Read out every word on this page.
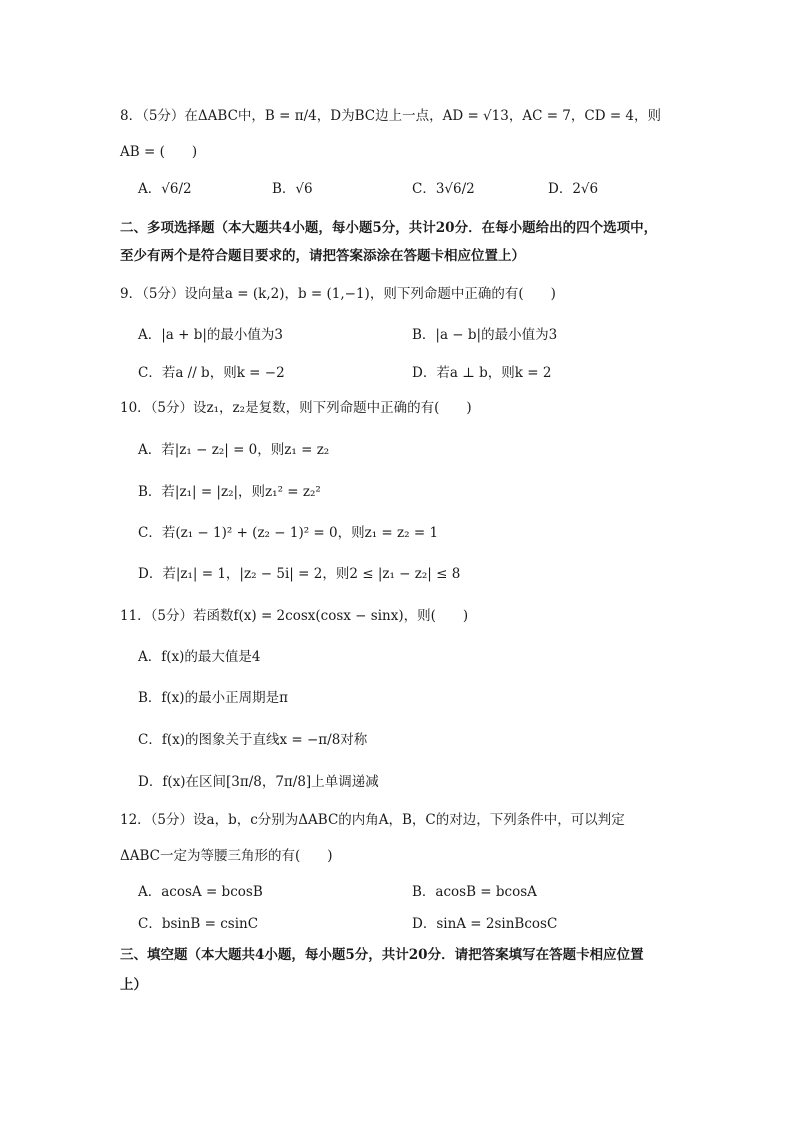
8．（5分）在ΔABC中，B = π/4，D为BC边上一点，AD = √13，AC = 7，CD = 4，则
AB = (　　)
A．√6/2	B．√6	C．3√6/2	D．2√6
二、多项选择题（本大题共4小题，每小题5分，共计20分．在每小题给出的四个选项中，
至少有两个是符合题目要求的，请把答案添涂在答题卡相应位置上）
9．（5分）设向量a = (k,2)，b = (1,−1)，则下列命题中正确的有(　　)
A．|a + b|的最小值为3	B．|a − b|的最小值为3
C．若a // b，则k = −2	D．若a ⊥ b，则k = 2
10．（5分）设z₁，z₂是复数，则下列命题中正确的有(　　)
A．若|z₁ − z₂| = 0，则z₁ = z₂
B．若|z₁| = |z₂|，则z₁² = z₂²
C．若(z₁ − 1)² + (z₂ − 1)² = 0，则z₁ = z₂ = 1
D．若|z₁| = 1，|z₂ − 5i| = 2，则2 ≤ |z₁ − z₂| ≤ 8
11．（5分）若函数f(x) = 2cosx(cosx − sinx)，则(　　)
A．f(x)的最大值是4
B．f(x)的最小正周期是π
C．f(x)的图象关于直线x = −π/8对称
D．f(x)在区间[3π/8，7π/8]上单调递减
12．（5分）设a，b，c分别为ΔABC的内角A，B，C的对边，下列条件中，可以判定
ΔABC一定为等腰三角形的有(　　)
A．acosA = bcosB	B．acosB = bcosA
C．bsinB = csinC	D．sinA = 2sinBcosC
三、填空题（本大题共4小题，每小题5分，共计20分．请把答案填写在答题卡相应位置
上）
